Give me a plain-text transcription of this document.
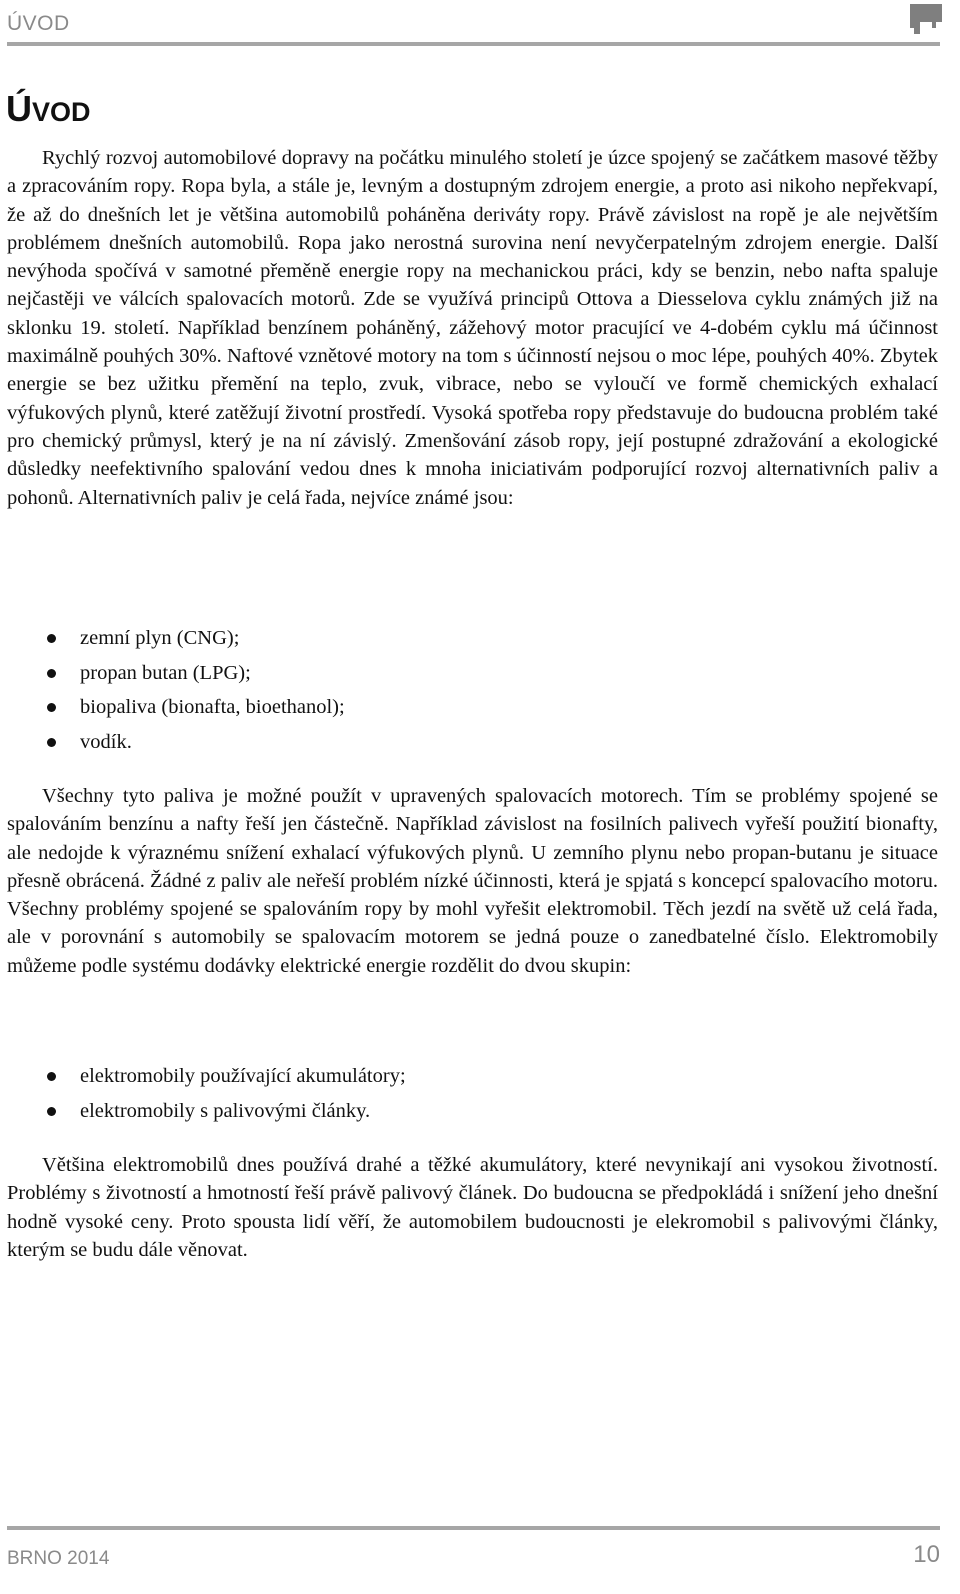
ÚVOD
ÚVOD

Rychlý rozvoj automobilové dopravy na počátku minulého století je úzce spojený se začátkem masové těžby a zpracováním ropy. Ropa byla, a stále je, levným a dostupným zdrojem energie, a proto asi nikoho nepřekvapí, že až do dnešních let je většina automobilů poháněna deriváty ropy. Právě závislost na ropě je ale největším problémem dnešních automobilů. Ropa jako nerostná surovina není nevyčerpatelným zdrojem energie. Další nevýhoda spočívá v samotné přeměně energie ropy na mechanickou práci, kdy se benzin, nebo nafta spaluje nejčastěji ve válcích spalovacích motorů. Zde se využívá principů Ottova a Diesselova cyklu známých již na sklonku 19. století. Například benzínem poháněný, zážehový motor pracující ve 4-dobém cyklu má účinnost maximálně pouhých 30%. Naftové vznětové motory na tom s účinností nejsou o moc lépe, pouhých 40%. Zbytek energie se bez užitku přemění na teplo, zvuk, vibrace, nebo se vyloučí ve formě chemických exhalací výfukových plynů, které zatěžují životní prostředí. Vysoká spotřeba ropy představuje do budoucna problém také pro chemický průmysl, který je na ní závislý. Zmenšování zásob ropy, její postupné zdražování a ekologické důsledky neefektivního spalování vedou dnes k mnoha iniciativám podporující rozvoj alternativních paliv a pohonů. Alternativních paliv je celá řada, nejvíce známé jsou:

zemní plyn (CNG);
propan butan (LPG);
biopaliva (bionafta, bioethanol);
vodík.

Všechny tyto paliva je možné použít v upravených spalovacích motorech. Tím se problémy spojené se spalováním benzínu a nafty řeší jen částečně. Například závislost na fosilních palivech vyřeší použití bionafty, ale nedojde k výraznému snížení exhalací výfukových plynů. U zemního plynu nebo propan-butanu je situace přesně obrácená. Žádné z paliv ale neřeší problém nízké účinnosti, která je spjatá s koncepcí spalovacího motoru. Všechny problémy spojené se spalováním ropy by mohl vyřešit elektromobil. Těch jezdí na světě už celá řada, ale v porovnání s automobily se spalovacím motorem se jedná pouze o zanedbatelné číslo. Elektromobily můžeme podle systému dodávky elektrické energie rozdělit do dvou skupin:

elektromobily používající akumulátory;
elektromobily s palivovými články.

Většina elektromobilů dnes používá drahé a těžké akumulátory, které nevynikají ani vysokou životností. Problémy s životností a hmotností řeší právě palivový článek. Do budoucna se předpokládá i snížení jeho dnešní hodně vysoké ceny. Proto spousta lidí věří, že automobilem budoucnosti je elekromobil s palivovými články, kterým se budu dále věnovat.

BRNO 2014	10
